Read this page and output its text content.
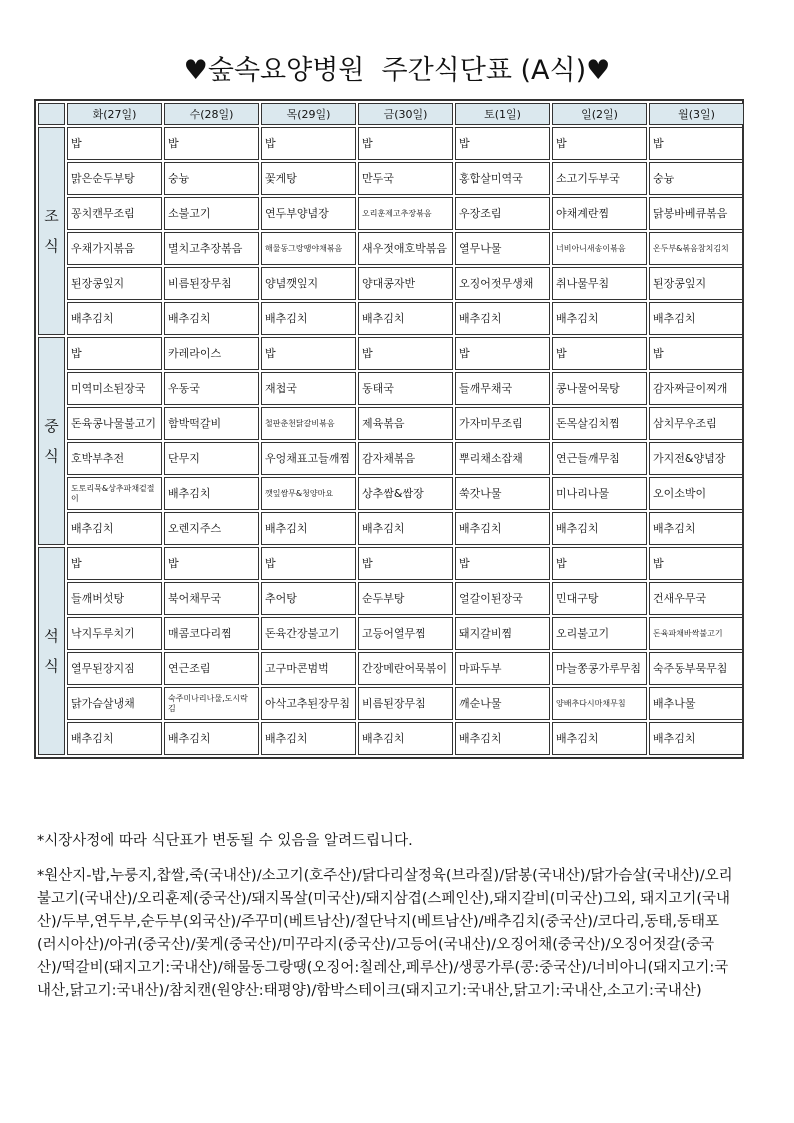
♥숲속요양병원  주간식단표 (A식)♥
	화(27일)	수(28일)	목(29일)	금(30일)	토(1일)	일(2일)	월(3일)

조
식	밥	밥	밥	밥	밥	밥	밥
	맑은순두부탕	숭늉	꽃게탕	만두국	홍합살미역국	소고기두부국	숭늉
	꽁치캔무조림	소불고기	연두부양념장	오리훈제고추장볶음	우장조림	야채계란찜	닭봉바베큐볶음
	우채가지볶음	멸치고추장볶음	해물동그랑땡야채볶음	새우젓애호박볶음	열무나물	너비아니새송이볶음	온두부&볶음참치김치
	된장콩잎지	비름된장무침	양념깻잎지	양대콩자반	오징어젓무생채	취나물무침	된장콩잎지
	배추김치	배추김치	배추김치	배추김치	배추김치	배추김치	배추김치

중
식	밥	카레라이스	밥	밥	밥	밥	밥
	미역미소된장국	우동국	재첩국	동태국	들깨무채국	콩나물어묵탕	감자짜글이찌개
	돈육콩나물불고기	함박떡갈비	철판춘천닭갈비볶음	제육볶음	가자미무조림	돈목살김치찜	삼치무우조림
	호박부추전	단무지	우엉채표고들깨찜	감자채볶음	뿌리채소잡채	연근들깨무침	가지전&양념장
	도토리묵&상추파채겉절이	배추김치	깻잎쌈무&청양마요	상추쌈&쌈장	쑥갓나물	미나리나물	오이소박이
	배추김치	오렌지주스	배추김치	배추김치	배추김치	배추김치	배추김치

석
식	밥	밥	밥	밥	밥	밥	밥
	들깨버섯탕	북어채무국	추어탕	순두부탕	얼갈이된장국	민대구탕	건새우무국
	낙지두루치기	매콤코다리찜	돈육간장불고기	고등어열무찜	돼지갈비찜	오리불고기	돈육파채바싹불고기
	열무된장지짐	연근조림	고구마콘범벅	간장메란어묵볶이	마파두부	마늘쫑콩가루무침	숙주동부묵무침
	닭가슴살냉채	숙주미나리나물,도시락김	아삭고추된장무침	비름된장무침	깨순나물	양배추다시마채무침	배추나물
	배추김치	배추김치	배추김치	배추김치	배추김치	배추김치	배추김치

*시장사정에 따라 식단표가 변동될 수 있음을 알려드립니다.

*원산지-밥,누룽지,찹쌀,죽(국내산)/소고기(호주산)/닭다리살정육(브라질)/닭봉(국내산)/닭가슴살(국내산)/오리불고기(국내산)/오리훈제(중국산)/돼지목살(미국산)/돼지삼겹(스페인산),돼지갈비(미국산)그외, 돼지고기(국내산)/두부,연두부,순두부(외국산)/주꾸미(베트남산)/절단낙지(베트남산)/배추김치(중국산)/코다리,동태,동태포(러시아산)/아귀(중국산)/꽃게(중국산)/미꾸라지(중국산)/고등어(국내산)/오징어채(중국산)/오징어젓갈(중국산)/떡갈비(돼지고기:국내산)/해물동그랑땡(오징어:칠레산,페루산)/생콩가루(콩:중국산)/너비아니(돼지고기:국내산,닭고기:국내산)/참치캔(원양산:태평양)/함박스테이크(돼지고기:국내산,닭고기:국내산,소고기:국내산)
